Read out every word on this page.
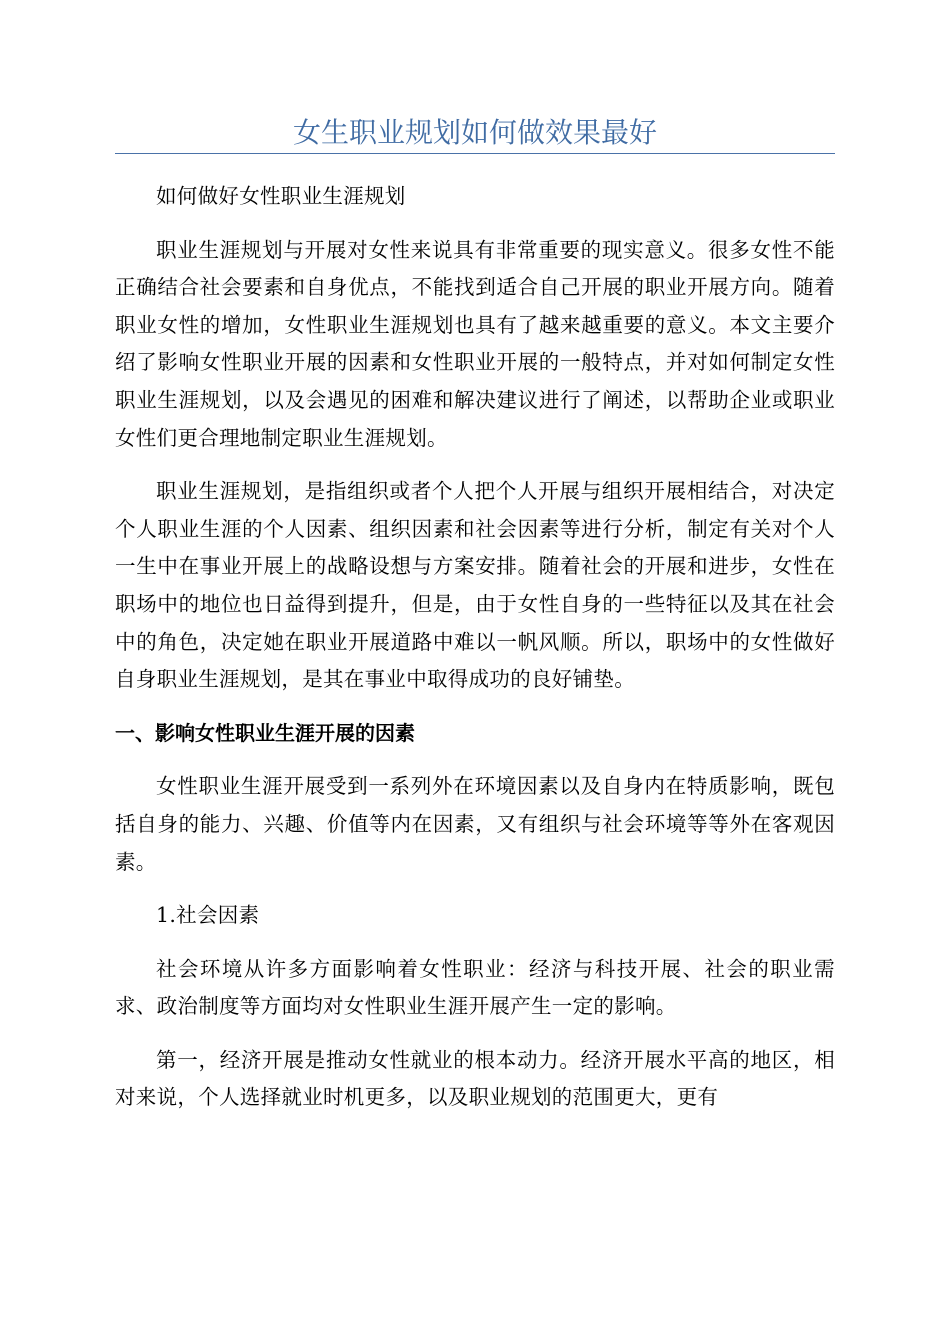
女生职业规划如何做效果最好

如何做好女性职业生涯规划

职业生涯规划与开展对女性来说具有非常重要的现实意义。很多女性不能正确结合社会要素和自身优点，不能找到适合自己开展的职业开展方向。随着职业女性的增加，女性职业生涯规划也具有了越来越重要的意义。本文主要介绍了影响女性职业开展的因素和女性职业开展的一般特点，并对如何制定女性职业生涯规划，以及会遇见的困难和解决建议进行了阐述，以帮助企业或职业女性们更合理地制定职业生涯规划。

职业生涯规划，是指组织或者个人把个人开展与组织开展相结合，对决定个人职业生涯的个人因素、组织因素和社会因素等进行分析，制定有关对个人一生中在事业开展上的战略设想与方案安排。随着社会的开展和进步，女性在职场中的地位也日益得到提升，但是，由于女性自身的一些特征以及其在社会中的角色，决定她在职业开展道路中难以一帆风顺。所以，职场中的女性做好自身职业生涯规划，是其在事业中取得成功的良好铺垫。

一、影响女性职业生涯开展的因素

女性职业生涯开展受到一系列外在环境因素以及自身内在特质影响，既包括自身的能力、兴趣、价值等内在因素，又有组织与社会环境等等外在客观因素。

1.社会因素

社会环境从许多方面影响着女性职业：经济与科技开展、社会的职业需求、政治制度等方面均对女性职业生涯开展产生一定的影响。

第一，经济开展是推动女性就业的根本动力。经济开展水平高的地区，相对来说，个人选择就业时机更多，以及职业规划的范围更大，更有
